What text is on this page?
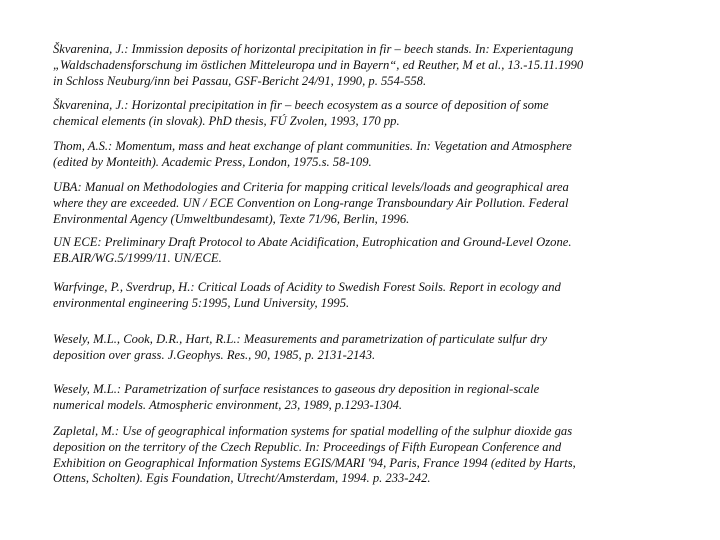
Škvarenina, J.: Immission deposits of horizontal precipitation in fir – beech stands. In: Experientagung
„Waldschadensforschung im östlichen Mitteleuropa und in Bayern“, ed Reuther, M et al., 13.-15.11.1990
in Schloss Neuburg/inn bei Passau, GSF-Bericht 24/91, 1990, p. 554-558.

Škvarenina, J.: Horizontal precipitation in fir – beech ecosystem as a source of deposition of some
chemical elements (in slovak). PhD thesis, FÚ Zvolen, 1993, 170 pp.

Thom, A.S.: Momentum, mass and heat exchange of plant communities. In: Vegetation and Atmosphere
(edited by Monteith). Academic Press, London, 1975.s. 58-109.

UBA: Manual on Methodologies and Criteria for mapping critical levels/loads and geographical area
where they are exceeded. UN / ECE Convention on Long-range Transboundary Air Pollution. Federal
Environmental Agency (Umweltbundesamt), Texte 71/96, Berlin, 1996.

UN ECE: Preliminary Draft Protocol to Abate Acidification, Eutrophication and Ground-Level Ozone.
EB.AIR/WG.5/1999/11. UN/ECE.

Warfvinge, P., Sverdrup, H.: Critical Loads of Acidity to Swedish Forest Soils. Report in ecology and
environmental engineering 5:1995, Lund University, 1995.

Wesely, M.L., Cook, D.R., Hart, R.L.: Measurements and parametrization of particulate sulfur dry
deposition over grass. J.Geophys. Res., 90, 1985, p. 2131-2143.

Wesely, M.L.: Parametrization of surface resistances to gaseous dry deposition in regional-scale
numerical models. Atmospheric environment, 23, 1989, p.1293-1304.

Zapletal, M.: Use of geographical information systems for spatial modelling of the sulphur dioxide gas
deposition on the territory of the Czech Republic. In: Proceedings of Fifth European Conference and
Exhibition on Geographical Information Systems EGIS/MARI '94, Paris, France 1994 (edited by Harts,
Ottens, Scholten). Egis Foundation, Utrecht/Amsterdam, 1994. p. 233-242.
